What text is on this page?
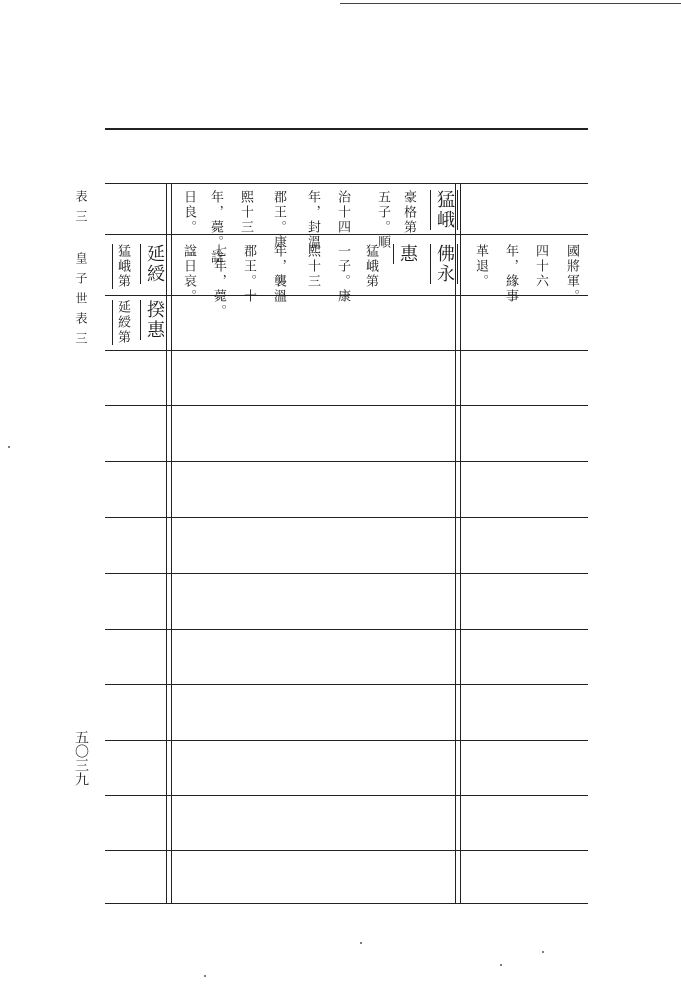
表三
皇子世表三
五〇三九
猛峨
豪格第
五子。順
治十四
年，封溫
郡王。康
熙十三
年，薨。諡
日良。
惠 佛永
猛峨第
一子。康
熙十三
年，襲溫
郡王。十
七年，薨。
諡日哀。	國將軍。
四十六
年，緣事
革退。
延綬
猛峨第
揆惠
延綬第
